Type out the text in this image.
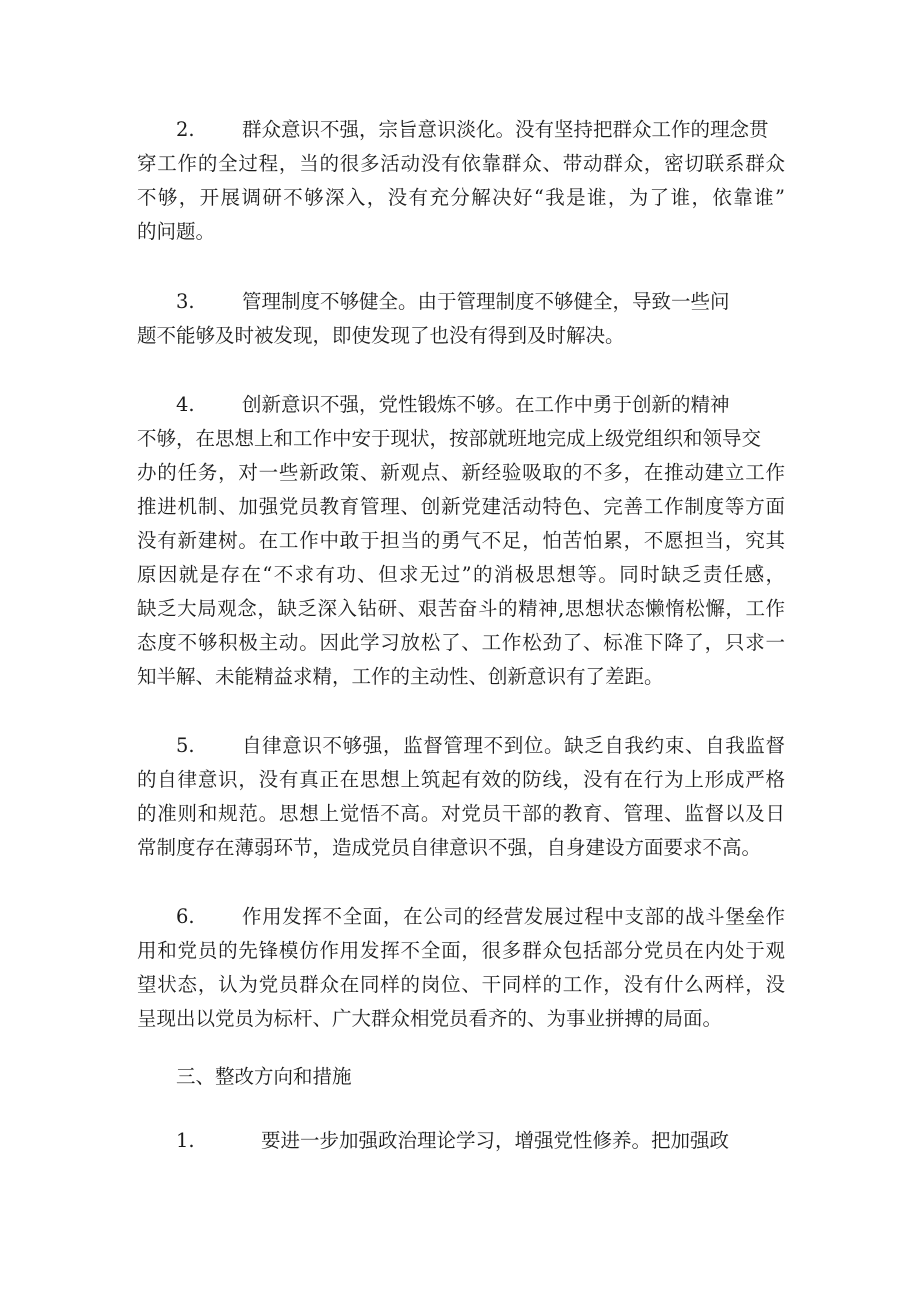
2. 群众意识不强，宗旨意识淡化。没有坚持把群众工作的理念贯
穿工作的全过程，当的很多活动没有依靠群众、带动群众，密切联系群众
不够，开展调研不够深入，没有充分解决好“我是谁，为了谁，依靠谁”
的问题。
3. 管理制度不够健全。由于管理制度不够健全，导致一些问
题不能够及时被发现，即使发现了也没有得到及时解决。
4. 创新意识不强，党性锻炼不够。在工作中勇于创新的精神
不够，在思想上和工作中安于现状，按部就班地完成上级党组织和领导交
办的任务，对一些新政策、新观点、新经验吸取的不多，在推动建立工作
推进机制、加强党员教育管理、创新党建活动特色、完善工作制度等方面
没有新建树。在工作中敢于担当的勇气不足，怕苦怕累，不愿担当，究其
原因就是存在“不求有功、但求无过”的消极思想等。同时缺乏责任感，
缺乏大局观念，缺乏深入钻研、艰苦奋斗的精神,思想状态懒惰松懈，工作
态度不够积极主动。因此学习放松了、工作松劲了、标准下降了，只求一
知半解、未能精益求精，工作的主动性、创新意识有了差距。
5. 自律意识不够强，监督管理不到位。缺乏自我约束、自我监督
的自律意识，没有真正在思想上筑起有效的防线，没有在行为上形成严格
的准则和规范。思想上觉悟不高。对党员干部的教育、管理、监督以及日
常制度存在薄弱环节，造成党员自律意识不强，自身建设方面要求不高。
6. 作用发挥不全面，在公司的经营发展过程中支部的战斗堡垒作
用和党员的先锋模仿作用发挥不全面，很多群众包括部分党员在内处于观
望状态，认为党员群众在同样的岗位、干同样的工作，没有什么两样，没
呈现出以党员为标杆、广大群众相党员看齐的、为事业拼搏的局面。
三、整改方向和措施
1.	要进一步加强政治理论学习，增强党性修养。把加强政
